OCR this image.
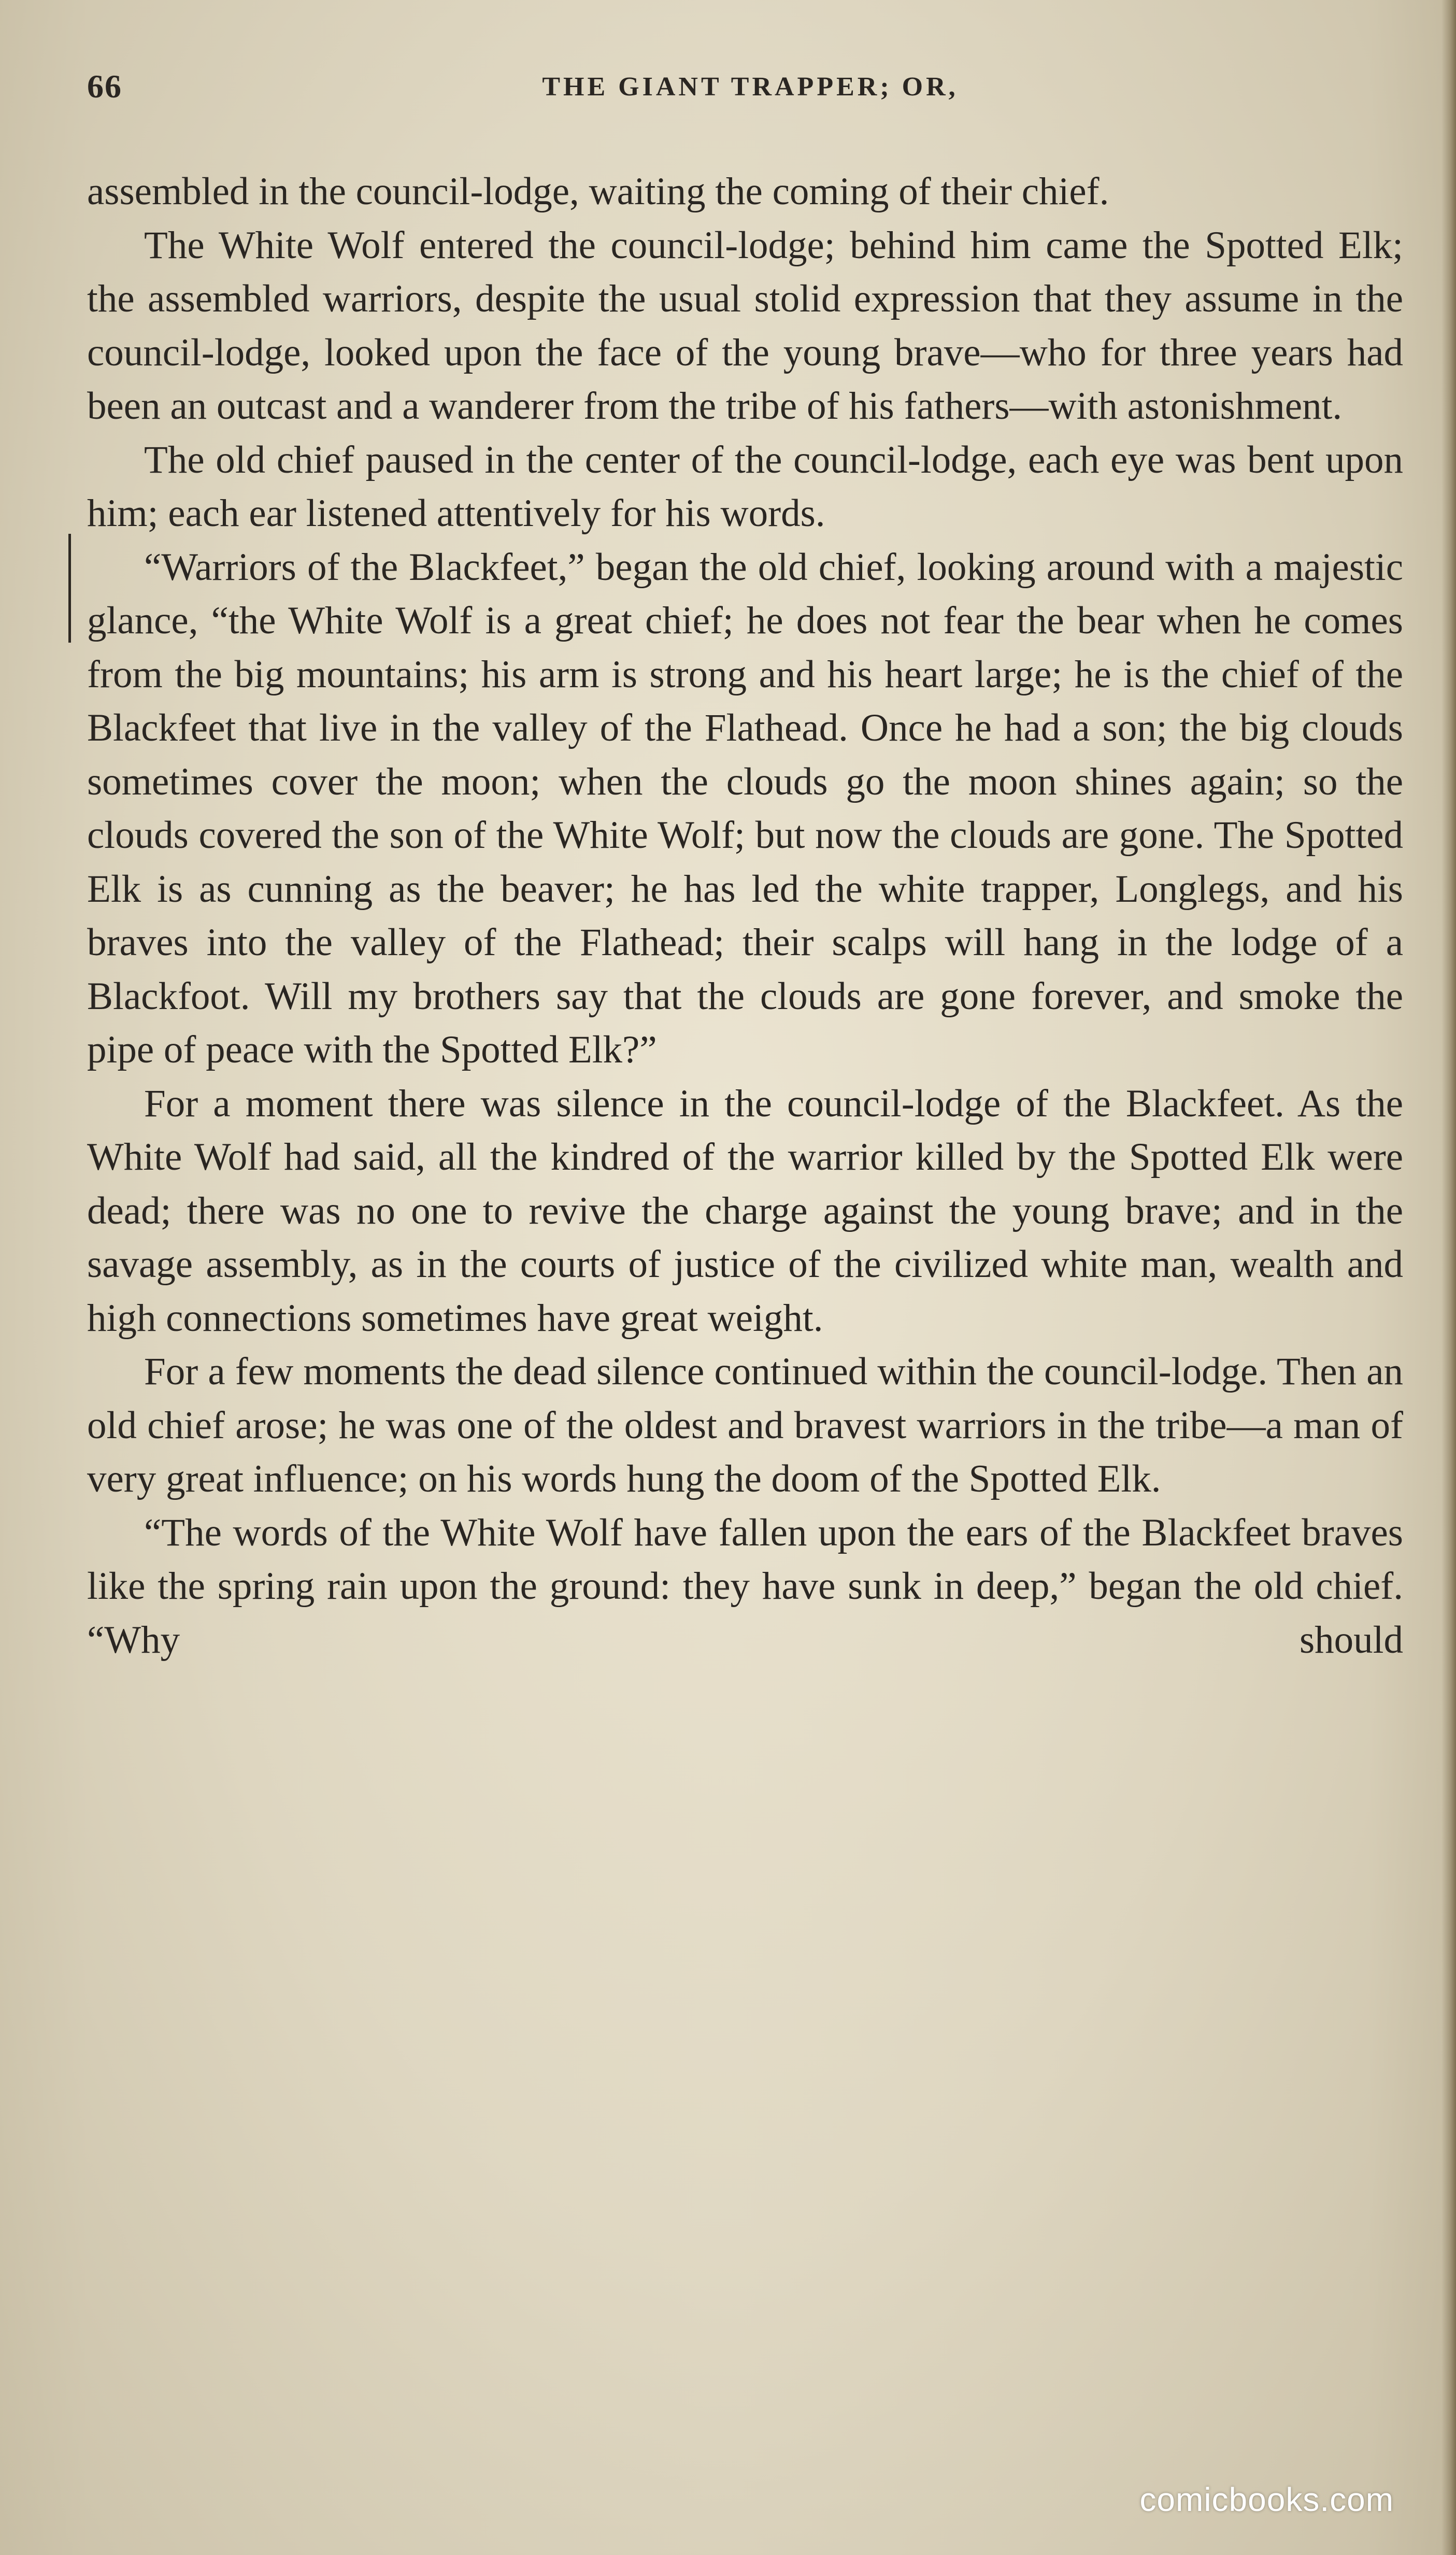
66	THE GIANT TRAPPER; OR,

assembled in the council-lodge, waiting the coming of their chief.

The White Wolf entered the council-lodge; behind him came the Spotted Elk; the assembled warriors, despite the usual stolid expression that they assume in the council-lodge, looked upon the face of the young brave—who for three years had been an outcast and a wanderer from the tribe of his fathers—with astonishment.

The old chief paused in the center of the council-lodge, each eye was bent upon him; each ear listened attentively for his words.

“Warriors of the Blackfeet,” began the old chief, looking around with a majestic glance, “the White Wolf is a great chief; he does not fear the bear when he comes from the big mountains; his arm is strong and his heart large; he is the chief of the Blackfeet that live in the valley of the Flathead. Once he had a son; the big clouds sometimes cover the moon; when the clouds go the moon shines again; so the clouds covered the son of the White Wolf; but now the clouds are gone. The Spotted Elk is as cunning as the beaver; he has led the white trapper, Longlegs, and his braves into the valley of the Flathead; their scalps will hang in the lodge of a Blackfoot. Will my brothers say that the clouds are gone forever, and smoke the pipe of peace with the Spotted Elk?”

For a moment there was silence in the council-lodge of the Blackfeet. As the White Wolf had said, all the kindred of the warrior killed by the Spotted Elk were dead; there was no one to revive the charge against the young brave; and in the savage assembly, as in the courts of justice of the civilized white man, wealth and high connections sometimes have great weight.

For a few moments the dead silence continued within the council-lodge. Then an old chief arose; he was one of the oldest and bravest warriors in the tribe—a man of very great influence; on his words hung the doom of the Spotted Elk.

“The words of the White Wolf have fallen upon the ears of the Blackfeet braves like the spring rain upon the ground: they have sunk in deep,” began the old chief. “Why should

comicbooks.com
